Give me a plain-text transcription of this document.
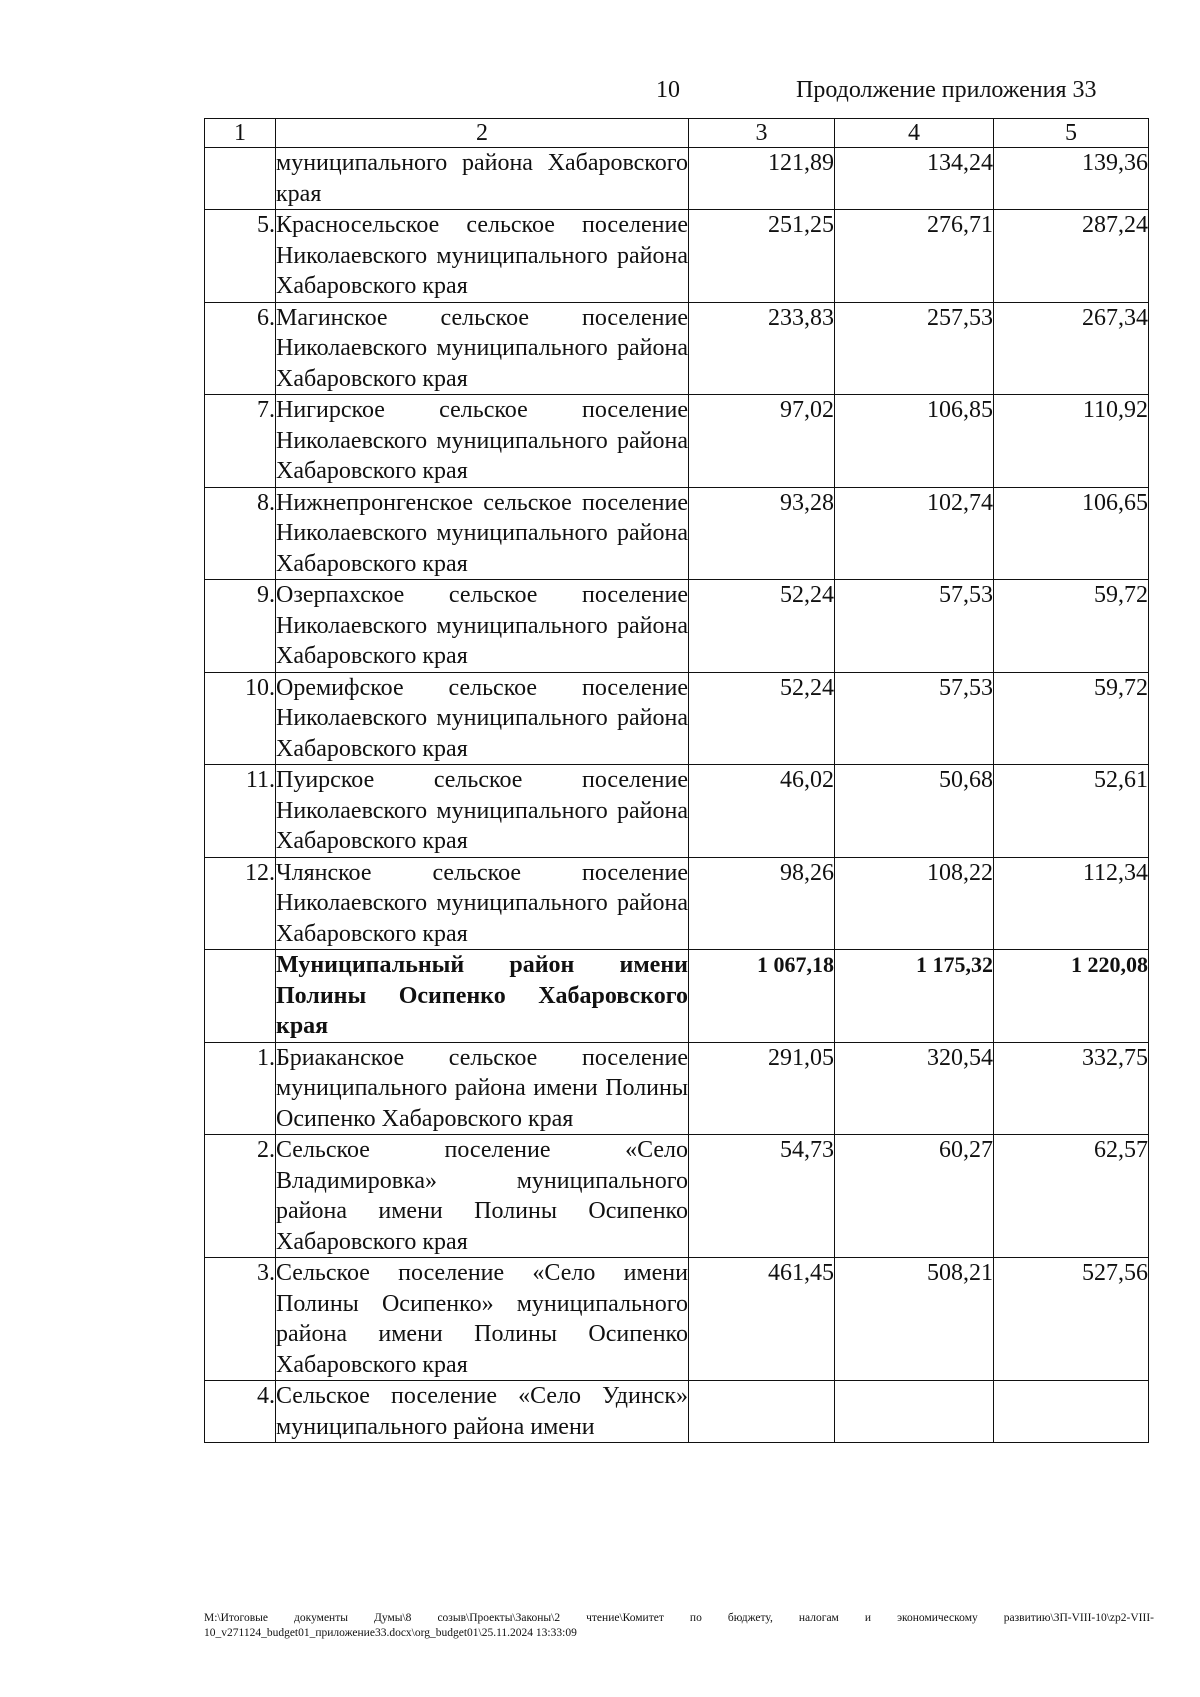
10	Продолжение приложения 33
1	2	3	4	5
	муниципального района Хабаровского края	121,89	134,24	139,36
5.	Красносельское сельское поселение Николаевского муниципального района Хабаровского края	251,25	276,71	287,24
6.	Магинское сельское поселение Николаевского муниципального района Хабаровского края	233,83	257,53	267,34
7.	Нигирское сельское поселение Николаевского муниципального района Хабаровского края	97,02	106,85	110,92
8.	Нижнепронгенское сельское поселение Николаевского муниципального района Хабаровского края	93,28	102,74	106,65
9.	Озерпахское сельское поселение Николаевского муниципального района Хабаровского края	52,24	57,53	59,72
10.	Оремифское сельское поселение Николаевского муниципального района Хабаровского края	52,24	57,53	59,72
11.	Пуирское сельское поселение Николаевского муниципального района Хабаровского края	46,02	50,68	52,61
12.	Члянское сельское поселение Николаевского муниципального района Хабаровского края	98,26	108,22	112,34
	Муниципальный район имени Полины Осипенко Хабаровского края	1 067,18	1 175,32	1 220,08
1.	Бриаканское сельское поселение муниципального района имени Полины Осипенко Хабаровского края	291,05	320,54	332,75
2.	Сельское поселение «Село Владимировка» муниципального района имени Полины Осипенко Хабаровского края	54,73	60,27	62,57
3.	Сельское поселение «Село имени Полины Осипенко» муниципального района имени Полины Осипенко Хабаровского края	461,45	508,21	527,56
4.	Сельское поселение «Село Удинск» муниципального района имени			
M:\Итоговые документы Думы\8 созыв\Проекты\Законы\2 чтение\Комитет по бюджету, налогам и экономическому развитию\ЗП-VIII-10\zp2-VIII-10_v271124_budget01_приложение33.docx\org_budget01\25.11.2024 13:33:09
